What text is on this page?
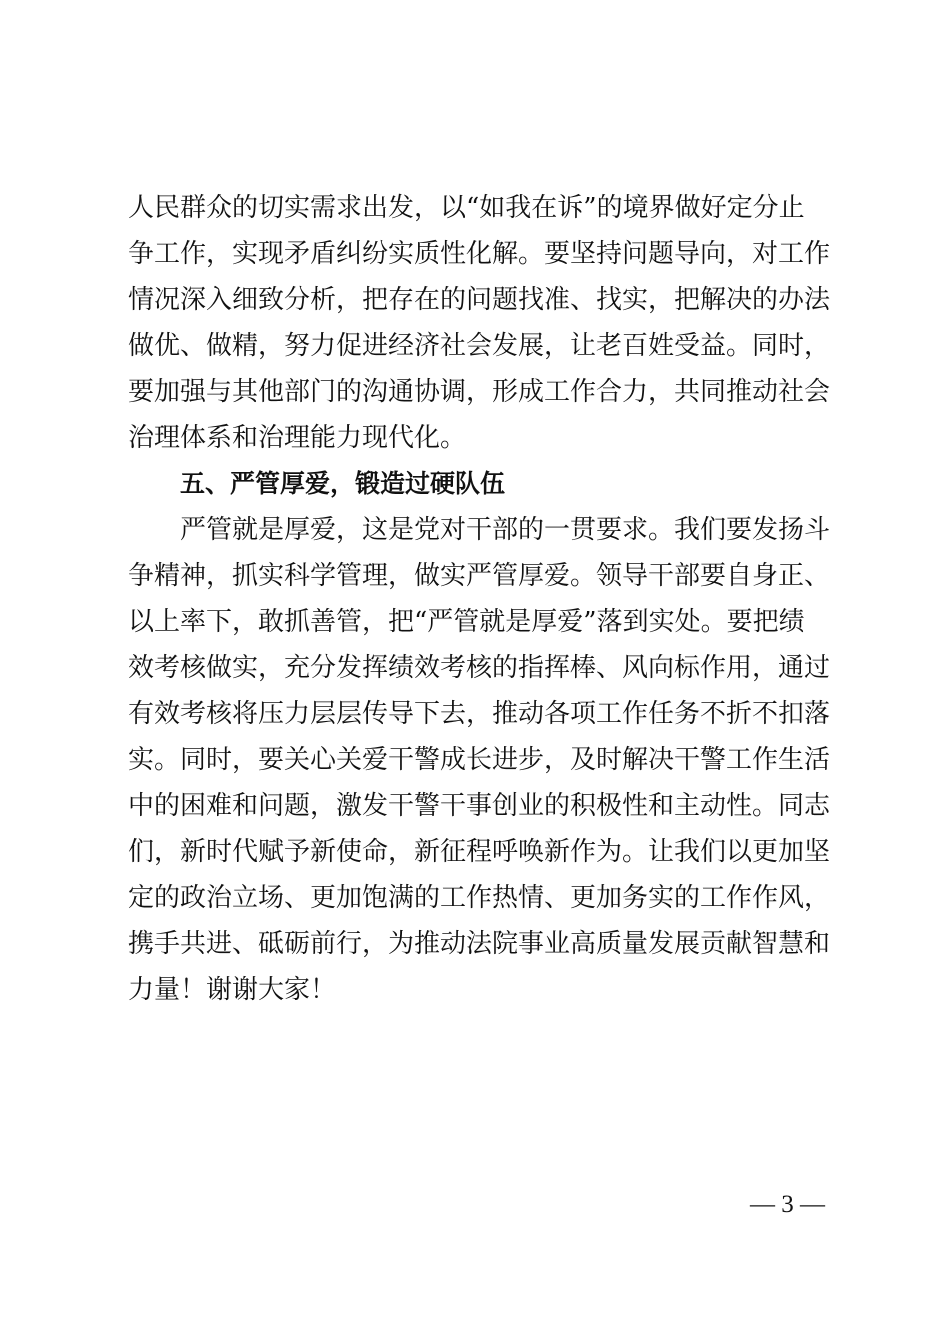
人民群众的切实需求出发，以“如我在诉”的境界做好定分止
争工作，实现矛盾纠纷实质性化解。要坚持问题导向，对工作
情况深入细致分析，把存在的问题找准、找实，把解决的办法
做优、做精，努力促进经济社会发展，让老百姓受益。同时，
要加强与其他部门的沟通协调，形成工作合力，共同推动社会
治理体系和治理能力现代化。
五、严管厚爱，锻造过硬队伍
严管就是厚爱，这是党对干部的一贯要求。我们要发扬斗
争精神，抓实科学管理，做实严管厚爱。领导干部要自身正、
以上率下，敢抓善管，把“严管就是厚爱”落到实处。要把绩
效考核做实，充分发挥绩效考核的指挥棒、风向标作用，通过
有效考核将压力层层传导下去，推动各项工作任务不折不扣落
实。同时，要关心关爱干警成长进步，及时解决干警工作生活
中的困难和问题，激发干警干事创业的积极性和主动性。同志
们，新时代赋予新使命，新征程呼唤新作为。让我们以更加坚
定的政治立场、更加饱满的工作热情、更加务实的工作作风，
携手共进、砥砺前行，为推动法院事业高质量发展贡献智慧和
力量！谢谢大家！
— 3 —
